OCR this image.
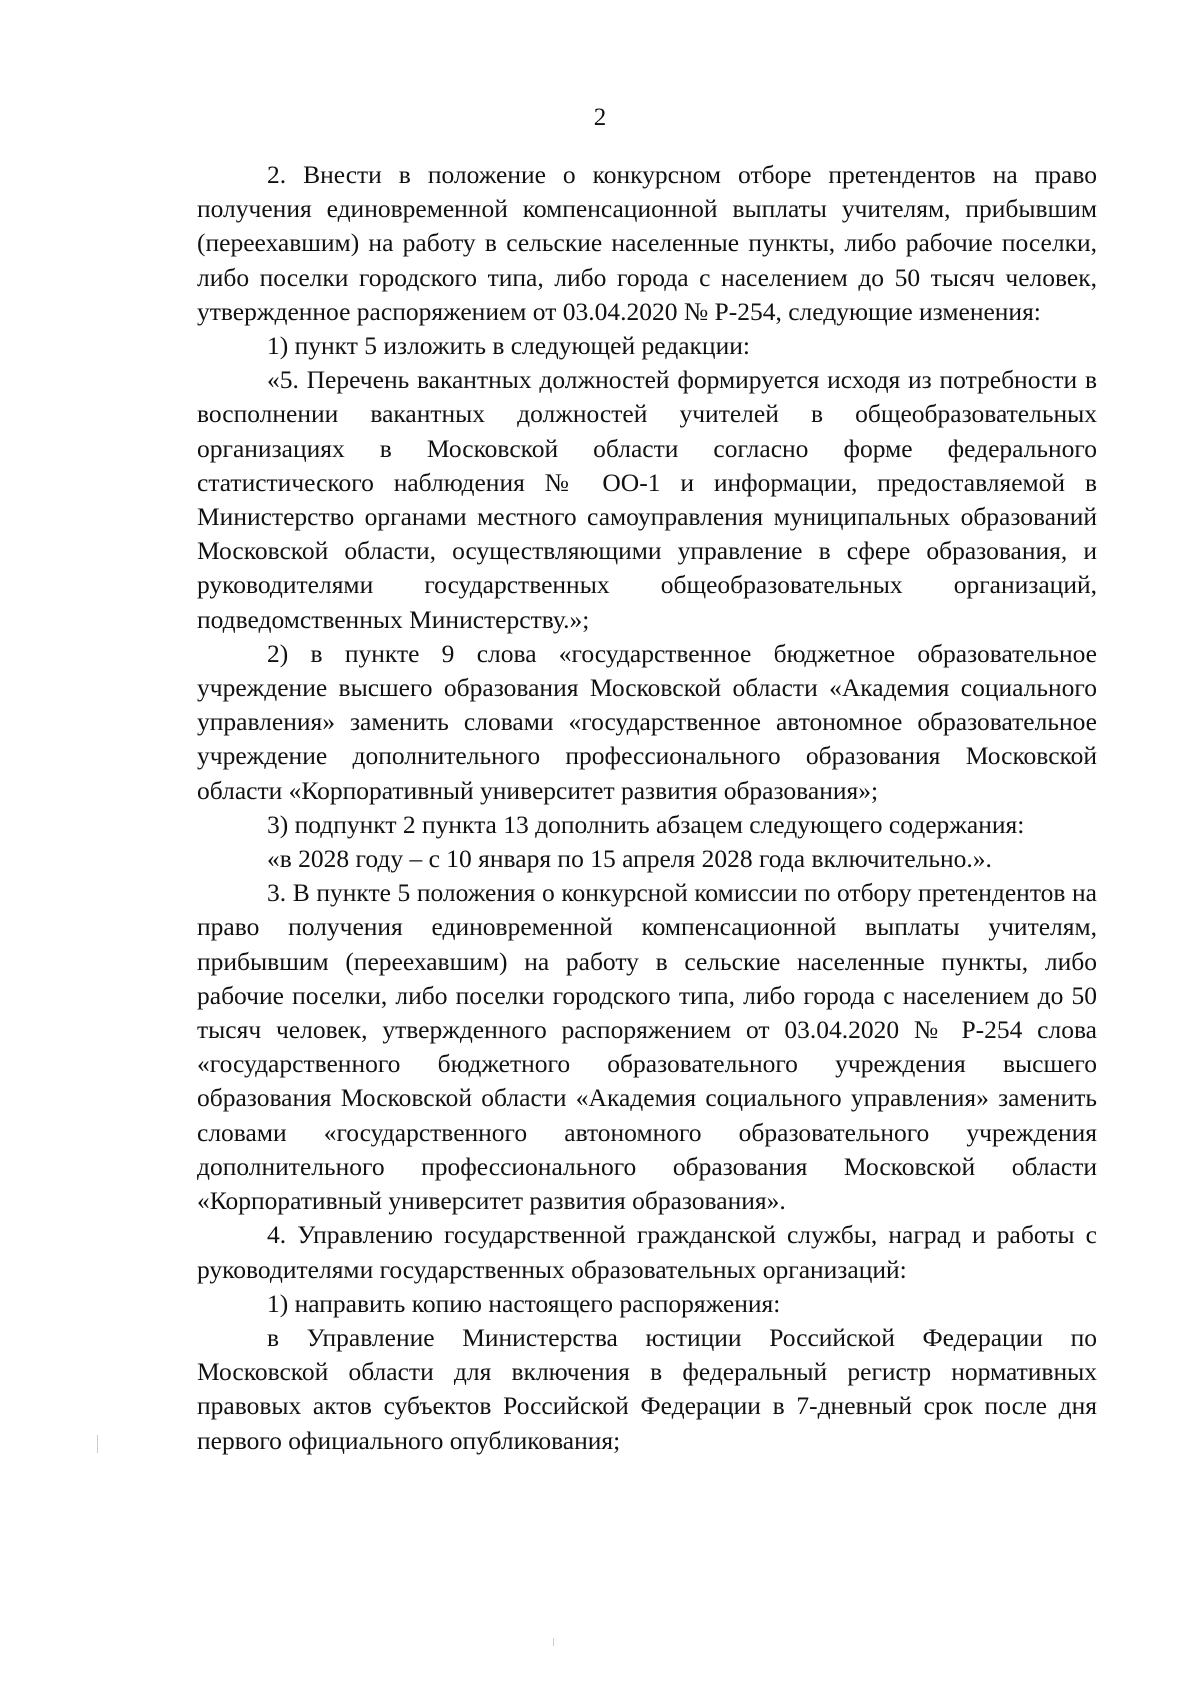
2

2. Внести в положение о конкурсном отборе претендентов на право получения единовременной компенсационной выплаты учителям, прибывшим (переехавшим) на работу в сельские населенные пункты, либо рабочие поселки, либо поселки городского типа, либо города с населением до 50 тысяч человек, утвержденное распоряжением от 03.04.2020 № Р-254, следующие изменения:

1) пункт 5 изложить в следующей редакции:

«5. Перечень вакантных должностей формируется исходя из потребности в восполнении вакантных должностей учителей в общеобразовательных организациях в Московской области согласно форме федерального статистического наблюдения № ОО-1 и информации, предоставляемой в Министерство органами местного самоуправления муниципальных образований Московской области, осуществляющими управление в сфере образования, и руководителями государственных общеобразовательных организаций, подведомственных Министерству.»;

2) в пункте 9 слова «государственное бюджетное образовательное учреждение высшего образования Московской области «Академия социального управления» заменить словами «государственное автономное образовательное учреждение дополнительного профессионального образования Московской области «Корпоративный университет развития образования»;

3) подпункт 2 пункта 13 дополнить абзацем следующего содержания:

«в 2028 году – с 10 января по 15 апреля 2028 года включительно.».

3. В пункте 5 положения о конкурсной комиссии по отбору претендентов на право получения единовременной компенсационной выплаты учителям, прибывшим (переехавшим) на работу в сельские населенные пункты, либо рабочие поселки, либо поселки городского типа, либо города с населением до 50 тысяч человек, утвержденного распоряжением от 03.04.2020 № Р-254 слова «государственного бюджетного образовательного учреждения высшего образования Московской области «Академия социального управления» заменить словами «государственного автономного образовательного учреждения дополнительного профессионального образования Московской области «Корпоративный университет развития образования».

4. Управлению государственной гражданской службы, наград и работы с руководителями государственных образовательных организаций:

1) направить копию настоящего распоряжения:

в Управление Министерства юстиции Российской Федерации по Московской области для включения в федеральный регистр нормативных правовых актов субъектов Российской Федерации в 7-дневный срок после дня первого официального опубликования;
